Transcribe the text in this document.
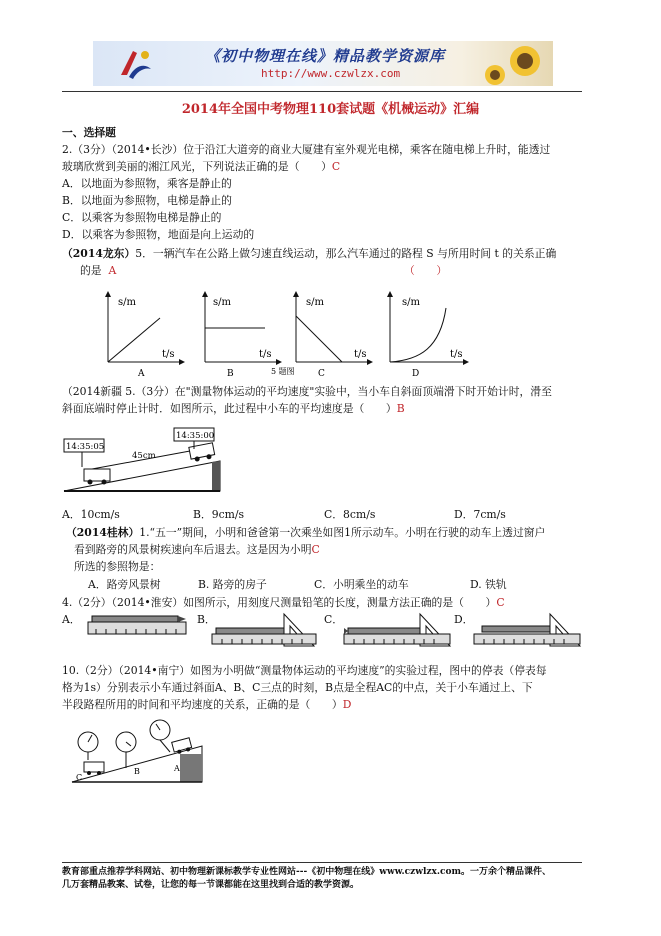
《初中物理在线》精品教学资源库
http://www.czwlzx.com
2014年全国中考物理110套试题《机械运动》汇编
一、选择题
2.（3分）（2014•长沙）位于沿江大道旁的商业大厦建有室外观光电梯，乘客在随电梯上升时，能透过
玻璃欣赏到美丽的湘江风光，下列说法正确的是（　　）C
A．以地面为参照物，乘客是静止的
B．以地面为参照物，电梯是静止的
C．以乘客为参照物电梯是静止的
D．以乘客为参照物，地面是向上运动的
（2014龙东）5．一辆汽车在公路上做匀速直线运动，那么汽车通过的路程 S 与所用时间 t 的关系正确
的是 A	（　　）
s/m
t/s
A
s/m
t/s
B	5 题图
s/m
t/s
C
s/m
t/s
D
（2014新疆 5.（3分）在"测量物体运动的平均速度"实验中，当小车自斜面顶端滑下时开始计时，滑至
斜面底端时停止计时．如图所示，此过程中小车的平均速度是（　　）B
14:35:00
14:35:05
45cm
A．10cm/s	B．9cm/s	C．8cm/s	D．7cm/s
（2014桂林）1.“五一”期间，小明和爸爸第一次乘坐如图1所示动车。小明在行驶的动车上透过窗户
看到路旁的风景树疾速向车后退去。这是因为小明C
所选的参照物是：
A．路旁风景树	B. 路旁的房子	C．小明乘坐的动车	D. 铁轨
4.（2分）（2014•淮安）如图所示，用刻度尺测量铅笔的长度，测量方法正确的是（　　）C
A．	B．	C．	D．
10.（2分）（2014•南宁）如图为小明做“测量物体运动的平均速度”的实验过程，图中的停表（停表每
格为1s）分别表示小车通过斜面A、B、C三点的时刻，B点是全程AC的中点，关于小车通过上、下
半段路程所用的时间和平均速度的关系，正确的是（　　）D
A
B
C
教育部重点推荐学科网站、初中物理新课标教学专业性网站---《初中物理在线》www.czwlzx.com。一万余个精品课件、
几万套精品教案、试卷，让您的每一节课都能在这里找到合适的教学资源。
